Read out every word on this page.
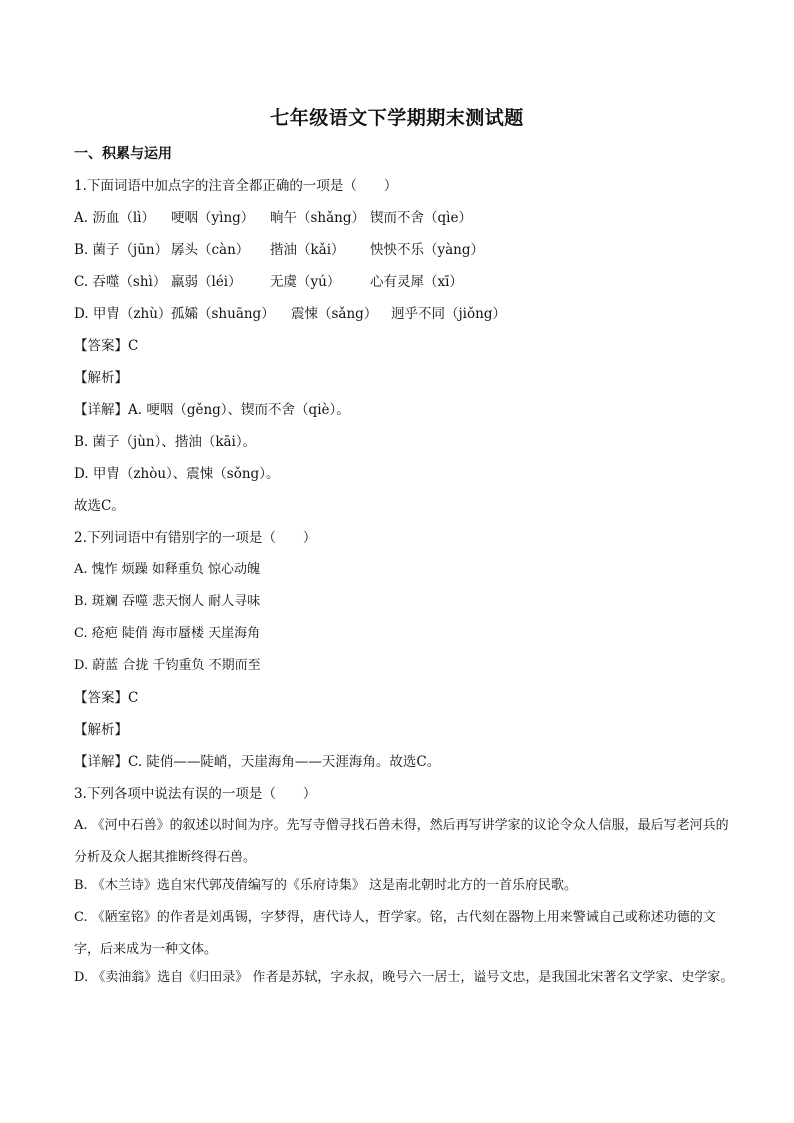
七年级语文下学期期末测试题
一、积累与运用
1.下面词语中加点字的注音全都正确的一项是（　　）
A. 沥血（lì） 哽咽（yìng） 晌午（shǎng） 锲而不舍（qìe）
B. 菌子（jūn） 孱头（càn） 揩油（kǎi） 怏怏不乐（yàng）
C. 吞噬（shì） 羸弱（léi） 无虞（yú） 心有灵犀（xī）
D. 甲胄（zhù）孤孀（shuāng） 震悚（sǎng） 迥乎不同（jiǒng）
【答案】C
【解析】
【详解】A. 哽咽（gěng）、锲而不舍（qiè）。
B. 菌子（jùn）、揩油（kāi）。
D. 甲胄（zhòu）、震悚（sǒng）。
故选C。
2.下列词语中有错别字的一项是（　　）
A. 愧怍 烦躁 如释重负 惊心动魄
B. 斑斓 吞噬 悲天悯人 耐人寻味
C. 疮疤 陡俏 海市蜃楼 天崖海角
D. 蔚蓝 合拢 千钧重负 不期而至
【答案】C
【解析】
【详解】C. 陡俏——陡峭，天崖海角——天涯海角。故选C。
3.下列各项中说法有误的一项是（　　）
A. 《河中石兽》的叙述以时间为序。先写寺僧寻找石兽未得，然后再写讲学家的议论令众人信服，最后写老河兵的分析及众人据其推断终得石兽。
B. 《木兰诗》选自宋代郭茂倩编写的《乐府诗集》 这是南北朝时北方的一首乐府民歌。
C. 《陋室铭》的作者是刘禹锡，字梦得，唐代诗人，哲学家。铭，古代刻在器物上用来警诫自己或称述功德的文字，后来成为一种文体。
D. 《卖油翁》选自《归田录》 作者是苏轼，字永叔，晚号六一居士，谥号文忠，是我国北宋著名文学家、史学家。
